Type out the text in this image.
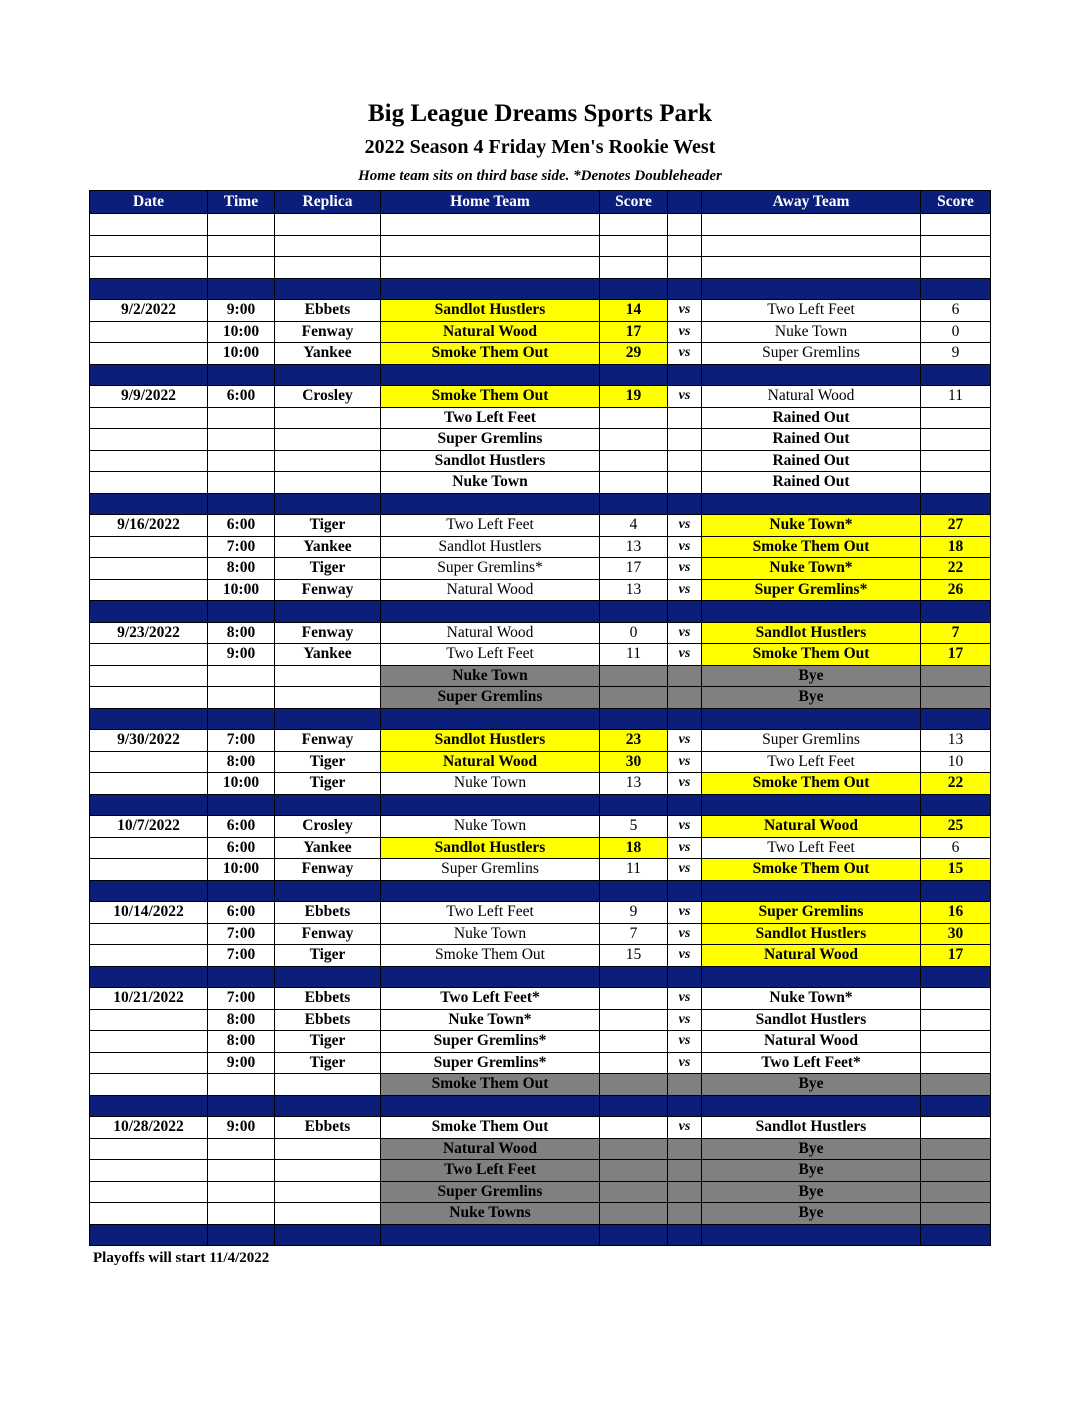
Big League Dreams Sports Park
2022 Season 4 Friday Men's Rookie West
Home team sits on third base side. *Denotes Doubleheader
Date	Time	Replica	Home Team	Score		Away Team	Score

9/2/2022	9:00	Ebbets	Sandlot Hustlers	14	vs	Two Left Feet	6
	10:00	Fenway	Natural Wood	17	vs	Nuke Town	0
	10:00	Yankee	Smoke Them Out	29	vs	Super Gremlins	9

9/9/2022	6:00	Crosley	Smoke Them Out	19	vs	Natural Wood	11
			Two Left Feet			Rained Out	
			Super Gremlins			Rained Out	
			Sandlot Hustlers			Rained Out	
			Nuke Town			Rained Out	

9/16/2022	6:00	Tiger	Two Left Feet	4	vs	Nuke Town*	27
	7:00	Yankee	Sandlot Hustlers	13	vs	Smoke Them Out	18
	8:00	Tiger	Super Gremlins*	17	vs	Nuke Town*	22
	10:00	Fenway	Natural Wood	13	vs	Super Gremlins*	26

9/23/2022	8:00	Fenway	Natural Wood	0	vs	Sandlot Hustlers	7
	9:00	Yankee	Two Left Feet	11	vs	Smoke Them Out	17
			Nuke Town			Bye	
			Super Gremlins			Bye	

9/30/2022	7:00	Fenway	Sandlot Hustlers	23	vs	Super Gremlins	13
	8:00	Tiger	Natural Wood	30	vs	Two Left Feet	10
	10:00	Tiger	Nuke Town	13	vs	Smoke Them Out	22

10/7/2022	6:00	Crosley	Nuke Town	5	vs	Natural Wood	25
	6:00	Yankee	Sandlot Hustlers	18	vs	Two Left Feet	6
	10:00	Fenway	Super Gremlins	11	vs	Smoke Them Out	15

10/14/2022	6:00	Ebbets	Two Left Feet	9	vs	Super Gremlins	16
	7:00	Fenway	Nuke Town	7	vs	Sandlot Hustlers	30
	7:00	Tiger	Smoke Them Out	15	vs	Natural Wood	17

10/21/2022	7:00	Ebbets	Two Left Feet*		vs	Nuke Town*	
	8:00	Ebbets	Nuke Town*		vs	Sandlot Hustlers	
	8:00	Tiger	Super Gremlins*		vs	Natural Wood	
	9:00	Tiger	Super Gremlins*		vs	Two Left Feet*	
			Smoke Them Out			Bye	

10/28/2022	9:00	Ebbets	Smoke Them Out		vs	Sandlot Hustlers	
			Natural Wood			Bye	
			Two Left Feet			Bye	
			Super Gremlins			Bye	
			Nuke Towns			Bye	

Playoffs will start 11/4/2022
